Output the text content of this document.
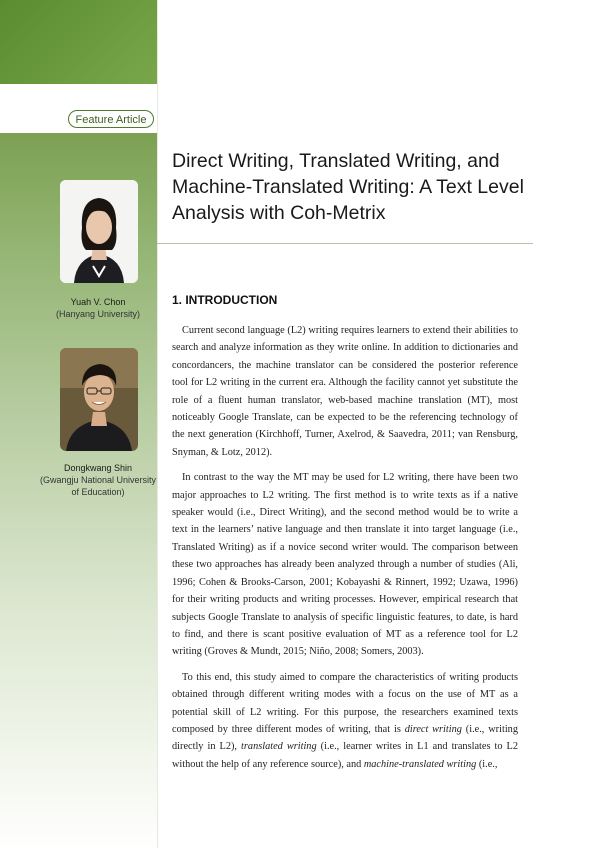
Feature Article
Direct Writing, Translated Writing, and Machine-Translated Writing: A Text Level Analysis with Coh-Metrix
Yuah V. Chon
(Hanyang University)
Dongkwang Shin
(Gwangju National University of Education)
1. INTRODUCTION

Current second language (L2) writing requires learners to extend their abilities to search and analyze information as they write online. In addition to dictionaries and concordancers, the machine translator can be considered the posterior reference tool for L2 writing in the current era. Although the facility cannot yet substitute the role of a fluent human translator, web-based machine translation (MT), most noticeably Google Translate, can be expected to be the referencing technology of the next generation (Kirchhoff, Turner, Axelrod, & Saavedra, 2011; van Rensburg, Snyman, & Lotz, 2012).

In contrast to the way the MT may be used for L2 writing, there have been two major approaches to L2 writing. The first method is to write texts as if a native speaker would (i.e., Direct Writing), and the second method would be to write a text in the learners’ native language and then translate it into target language (i.e., Translated Writing) as if a novice second writer would. The comparison between these two approaches has already been analyzed through a number of studies (Ali, 1996; Cohen & Brooks-Carson, 2001; Kobayashi & Rinnert, 1992; Uzawa, 1996) for their writing products and writing processes. However, empirical research that subjects Google Translate to analysis of specific linguistic features, to date, is hard to find, and there is scant positive evaluation of MT as a reference tool for L2 writing (Groves & Mundt, 2015; Niño, 2008; Somers, 2003).

To this end, this study aimed to compare the characteristics of writing products obtained through different writing modes with a focus on the use of MT as a potential skill of L2 writing. For this purpose, the researchers examined texts composed by three different modes of writing, that is direct writing (i.e., writing directly in L2), translated writing (i.e., learner writes in L1 and translates to L2 without the help of any reference source), and machine-translated writing (i.e.,
